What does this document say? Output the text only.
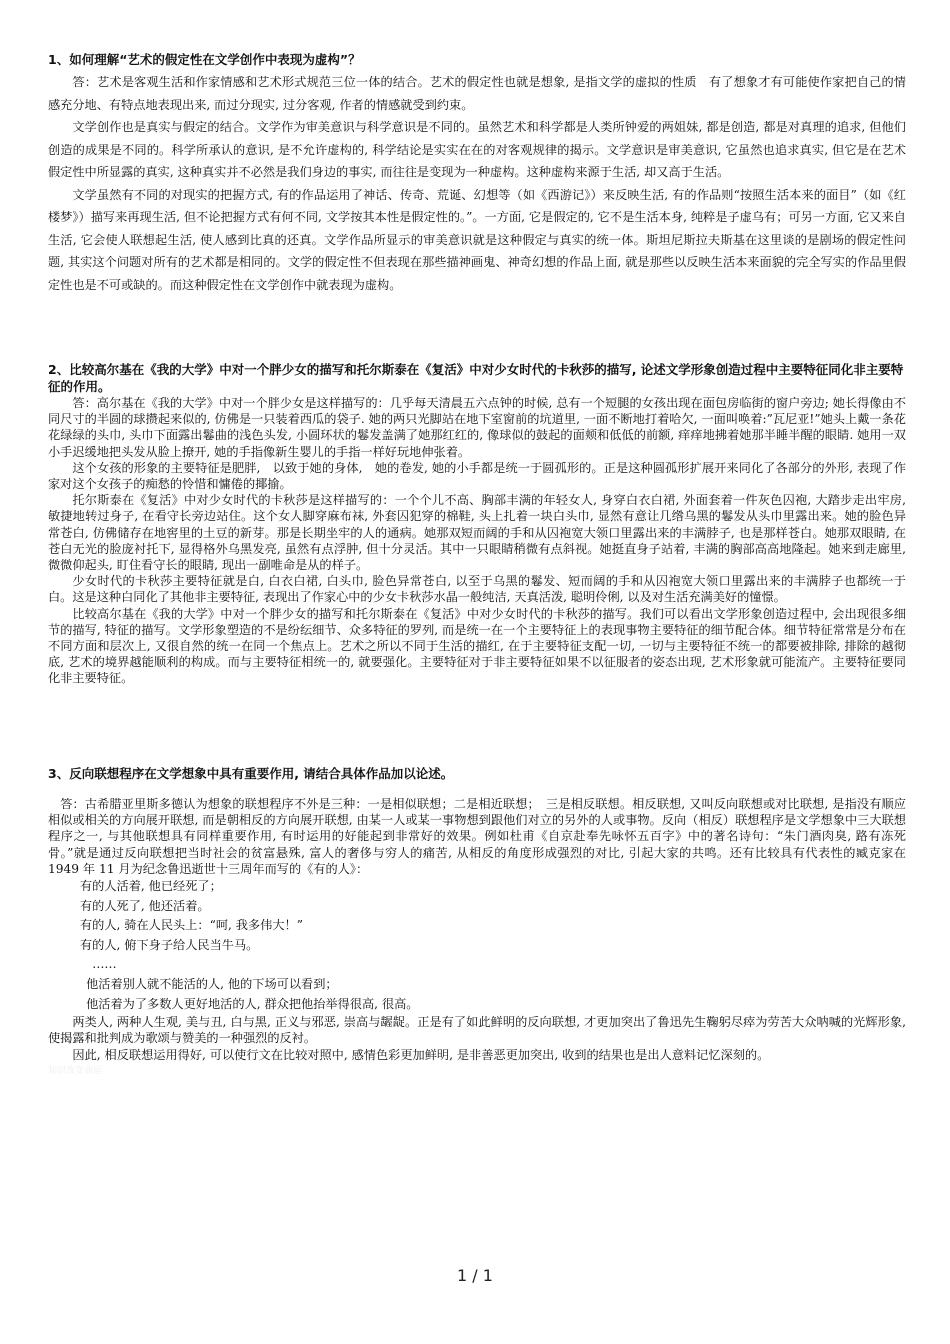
1、如何理解“艺术的假定性在文学创作中表现为虚构”？

答：艺术是客观生活和作家情感和艺术形式规范三位一体的结合。艺术的假定性也就是想象, 是指文学的虚拟的性质　有了想象才有可能使作家把自己的情感充分地、有特点地表现出来, 而过分现实, 过分客观, 作者的情感就受到约束。

文学创作也是真实与假定的结合。文学作为审美意识与科学意识是不同的。虽然艺术和科学都是人类所钟爱的两姐妹, 都是创造, 都是对真理的追求, 但他们创造的成果是不同的。科学所承认的意识, 是不允许虚构的, 科学结论是实实在在的对客观规律的揭示。文学意识是审美意识, 它虽然也追求真实, 但它是在艺术假定性中所显露的真实, 这种真实并不必然是我们身边的事实, 而往往是变现为一种虚构。这种虚构来源于生活, 却又高于生活。

文学虽然有不同的对现实的把握方式, 有的作品运用了神话、传奇、荒诞、幻想等（如《西游记》）来反映生活, 有的作品则“按照生活本来的面目”（如《红楼梦》）描写来再现生活, 但不论把握方式有何不同, 文学按其本性是假定性的。”。一方面, 它是假定的, 它不是生活本身, 纯粹是子虚乌有；可另一方面, 它又来自生活, 它会使人联想起生活, 使人感到比真的还真。文学作品所显示的审美意识就是这种假定与真实的统一体。斯坦尼斯拉夫斯基在这里谈的是剧场的假定性问题, 其实这个问题对所有的艺术都是相同的。文学的假定性不但表现在那些描神画鬼、神奇幻想的作品上面, 就是那些以反映生活本来面貌的完全写实的作品里假定性也是不可或缺的。而这种假定性在文学创作中就表现为虚构。

2、比较高尔基在《我的大学》中对一个胖少女的描写和托尔斯泰在《复活》中对少女时代的卡秋莎的描写, 论述文学形象创造过程中主要特征同化非主要特征的作用。

答：高尔基在《我的大学》中对一个胖少女是这样描写的：几乎每天清晨五六点钟的时候, 总有一个短腿的女孩出现在面包房临街的窗户旁边; 她长得像由不同尺寸的半圆的球攒起来似的, 仿佛是一只装着西瓜的袋子. 她的两只光脚站在地下室窗前的坑道里, 一面不断地打着哈欠, 一面叫唤着:”瓦尼亚!”她头上戴一条花花绿绿的头巾, 头巾下面露出鬈曲的浅色头发, 小圆环状的鬈发盖满了她那红红的, 像球似的鼓起的面颊和低低的前额, 痒痒地拂着她那半睡半醒的眼睛. 她用一双小手迟缓地把头发从脸上撩开, 她的手指像新生婴儿的手指一样好玩地伸张着。

这个女孩的形象的主要特征是肥胖,　以致于她的身体,　她的卷发, 她的小手都是统一于圆孤形的。正是这种圆孤形扩展开来同化了各部分的外形, 表现了作家对这个女孩子的痴愁的怜惜和慵倦的揶揄。

托尔斯泰在《复活》中对少女时代的卡秋莎是这样描写的：一个个儿不高、胸部丰满的年轻女人, 身穿白衣白裙, 外面套着一件灰色囚袍, 大踏步走出牢房, 敏捷地转过身子, 在看守长旁边站住。这个女人脚穿麻布袜, 外套囚犯穿的棉鞋, 头上扎着一块白头巾, 显然有意让几绺乌黑的鬈发从头巾里露出来。她的脸色异常苍白, 仿佛储存在地窖里的土豆的新芽。那是长期坐牢的人的通病。她那双短而阔的手和从囚袍宽大领口里露出来的丰满脖子, 也是那样苍白。她那双眼睛, 在苍白无光的脸庞衬托下, 显得格外乌黑发亮, 虽然有点浮肿, 但十分灵活。其中一只眼睛稍微有点斜视。她挺直身子站着, 丰满的胸部高高地隆起。她来到走廊里, 微微仰起头, 盯住看守长的眼睛, 现出一副唯命是从的样子。

少女时代的卡秋莎主要特征就是白, 白衣白裙, 白头巾, 脸色异常苍白, 以至于乌黑的鬈发、短而阔的手和从囚袍宽大领口里露出来的丰满脖子也都统一于白。这是这种白同化了其他非主要特征, 表现出了作家心中的少女卡秋莎水晶一般纯洁, 天真活泼, 聪明伶俐, 以及对生活充满美好的憧憬。

比较高尔基在《我的大学》中对一个胖少女的描写和托尔斯泰在《复活》中对少女时代的卡秋莎的描写。我们可以看出文学形象创造过程中, 会出现很多细节的描写, 特征的描写。文学形象塑造的不是纷纭细节、众多特征的罗列, 而是统一在一个主要特征上的表现事物主要特征的细节配合体。细节特征常常是分布在不同方面和层次上, 又很自然的统一在同一个焦点上。艺术之所以不同于生活的描红, 在于主要特征支配一切, 一切与主要特征不统一的都要被排除, 排除的越彻底, 艺术的境界越能顺利的构成。而与主要特征相统一的, 就要强化。主要特征对于非主要特征如果不以征服者的姿态出现, 艺术形象就可能流产。主要特征要同化非主要特征。

3、反向联想程序在文学想象中具有重要作用, 请结合具体作品加以论述。

答：古希腊亚里斯多德认为想象的联想程序不外是三种：一是相似联想；二是相近联想；　三是相反联想。相反联想, 又叫反向联想或对比联想, 是指没有顺应相似或相关的方向展开联想, 而是朝相反的方向展开联想, 由某一人或某一事物想到跟他们对立的另外的人或事物。反向（相反）联想程序是文学想象中三大联想程序之一, 与其他联想具有同样重要作用, 有时运用的好能起到非常好的效果。例如杜甫《自京赴奉先咏怀五百字》中的著名诗句：“朱门酒肉臭, 路有冻死骨。”就是通过反向联想把当时社会的贫富悬殊, 富人的奢侈与穷人的痛苦, 从相反的角度形成强烈的对比, 引起大家的共鸣。还有比较具有代表性的臧克家在 1949 年 11 月为纪念鲁迅逝世十三周年而写的《有的人》：

有的人活着, 他已经死了；

有的人死了, 他还活着。

有的人, 骑在人民头上：“呵, 我多伟大！”

有的人, 俯下身子给人民当牛马。

……

他活着别人就不能活的人, 他的下场可以看到；

他活着为了多数人更好地活的人, 群众把他抬举得很高, 很高。

两类人, 两种人生观, 美与丑, 白与黑, 正义与邪恶, 崇高与龌龊。正是有了如此鲜明的反向联想, 才更加突出了鲁迅先生鞠躬尽瘁为劳苦大众呐喊的光辉形象, 使揭露和批判成为歌颂与赞美的一种强烈的反衬。

因此, 相反联想运用得好, 可以使行文在比较对照中, 感情色彩更加鲜明, 是非善恶更加突出, 收到的结果也是出人意料记忆深刻的。

知识改变命运
1 / 1
